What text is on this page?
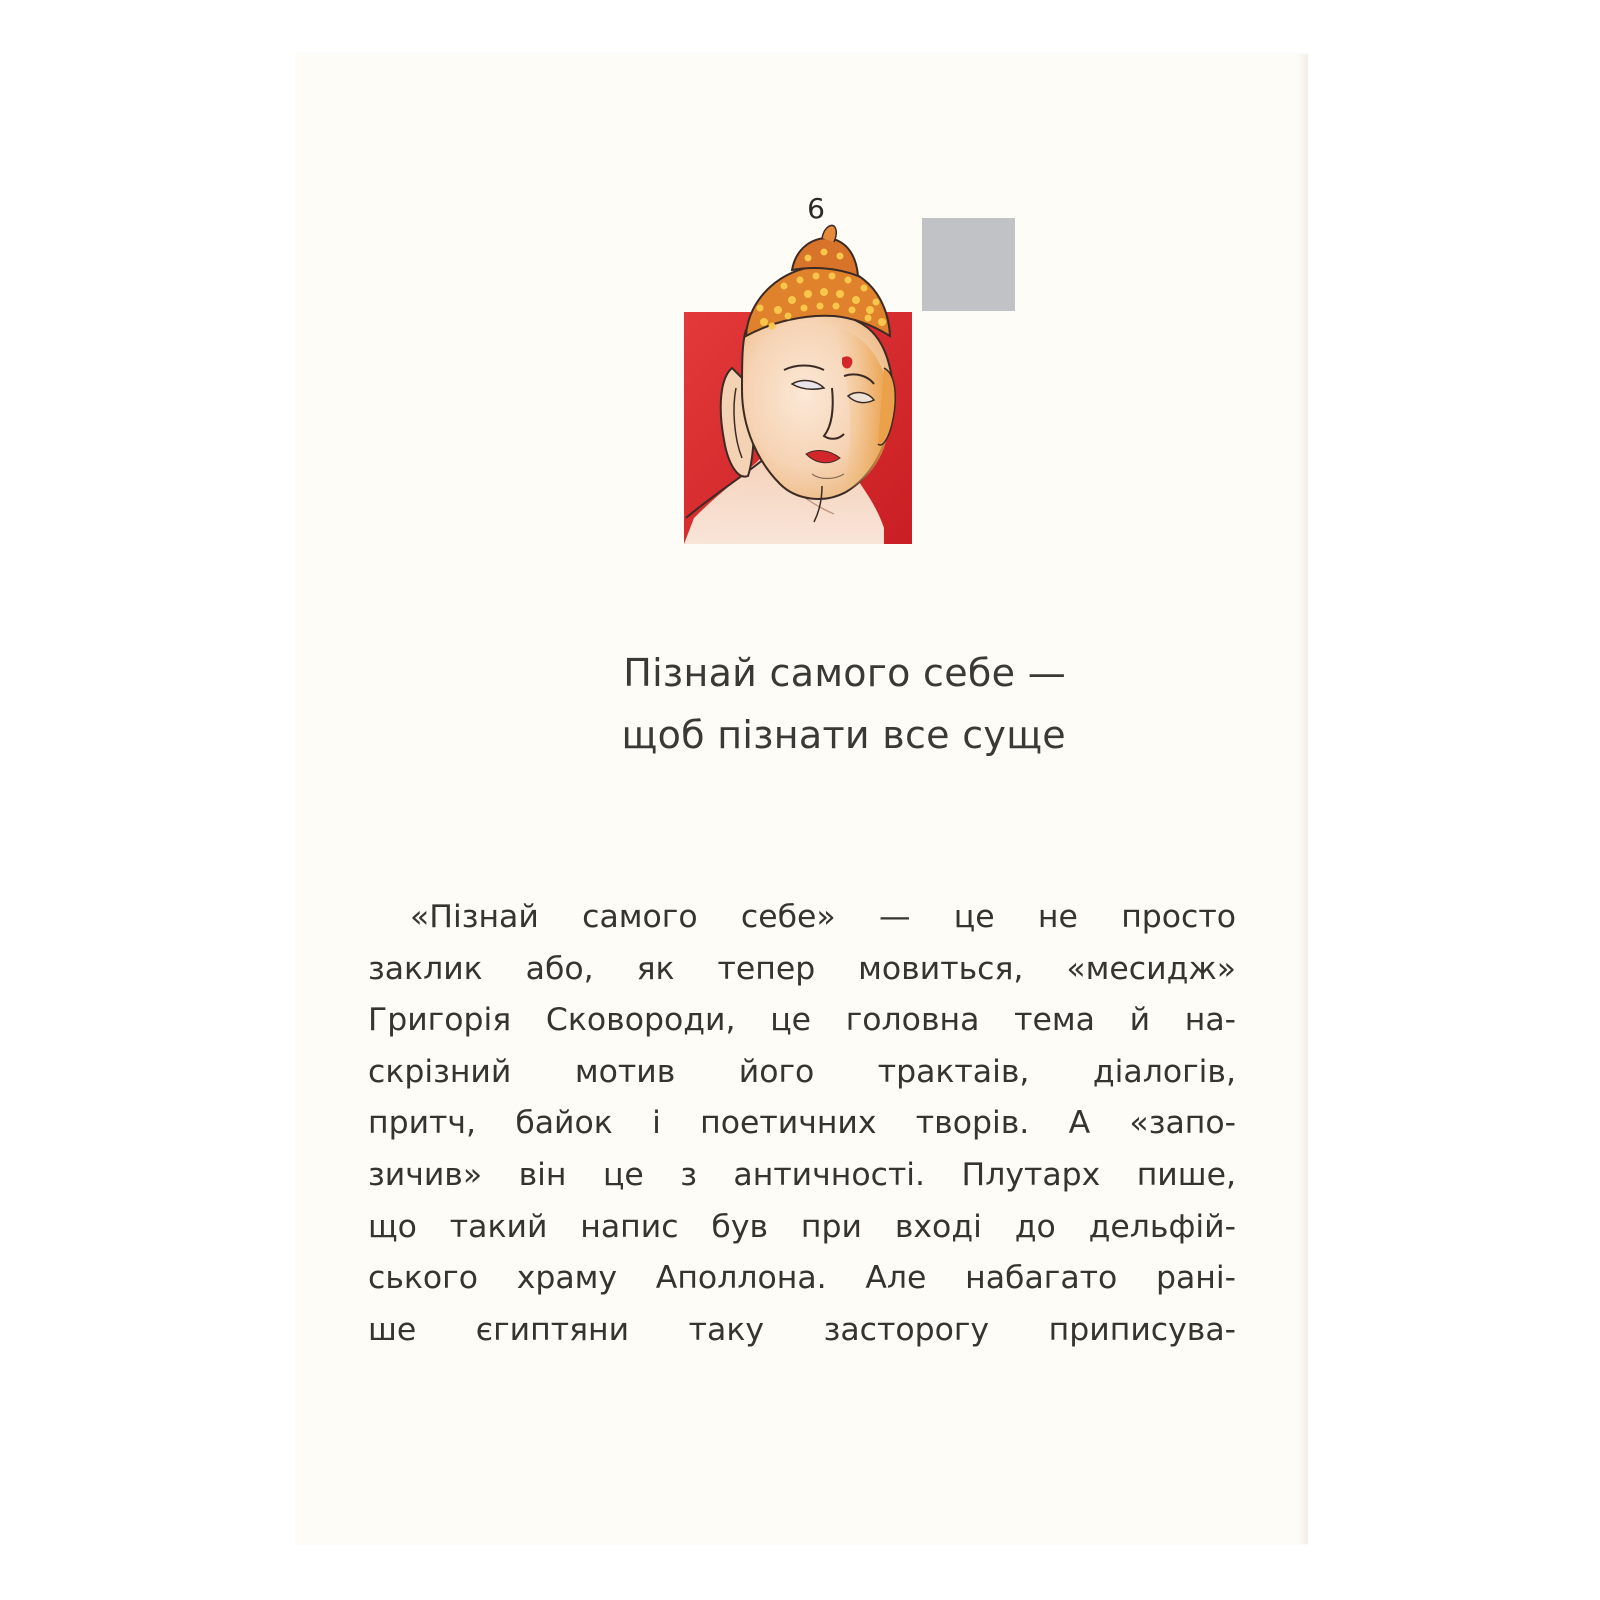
6
Пізнай самого себе —
щоб пізнати все суще
«Пізнай самого себе» — це не просто
заклик або, як тепер мовиться, «месидж»
Григорія Сковороди, це головна тема й на-
скрізний мотив його трактаів, діалогів,
притч, байок і поетичних творів. А «запо-
зичив» він це з античності. Плутарх пише,
що такий напис був при вході до дельфій-
ського храму Аполлона. Але набагато рані-
ше єгиптяни таку засторогу приписува-
